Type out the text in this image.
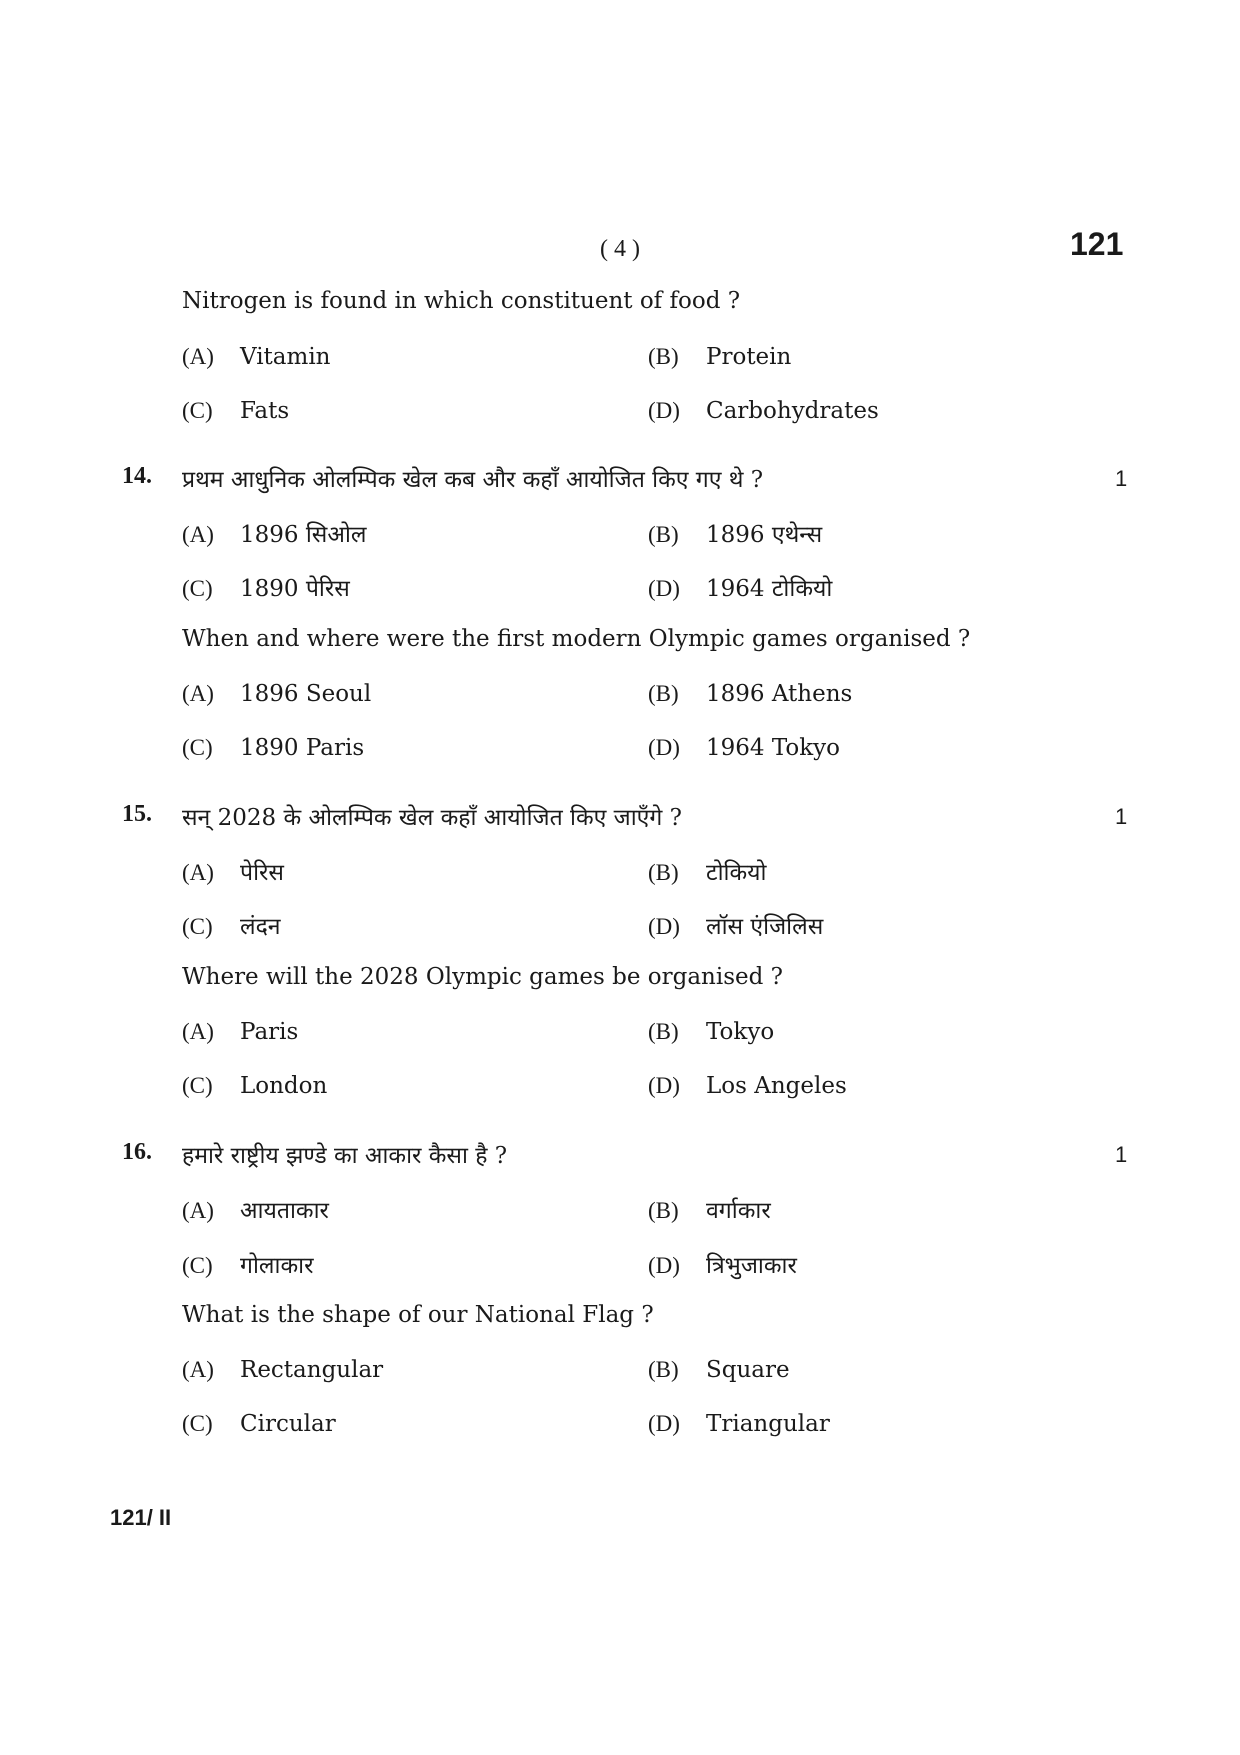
( 4 )	121
Nitrogen is found in which constituent of food ?
(A) Vitamin	(B) Protein
(C) Fats	(D) Carbohydrates
14. प्रथम आधुनिक ओलम्पिक खेल कब और कहाँ आयोजित किए गए थे ?	1
(A) 1896 सिओल	(B) 1896 एथेन्स
(C) 1890 पेरिस	(D) 1964 टोकियो
When and where were the first modern Olympic games organised ?
(A) 1896 Seoul	(B) 1896 Athens
(C) 1890 Paris	(D) 1964 Tokyo
15. सन् 2028 के ओलम्पिक खेल कहाँ आयोजित किए जाएँगे ?	1
(A) पेरिस	(B) टोकियो
(C) लंदन	(D) लॉस एंजिलिस
Where will the 2028 Olympic games be organised ?
(A) Paris	(B) Tokyo
(C) London	(D) Los Angeles
16. हमारे राष्ट्रीय झण्डे का आकार कैसा है ?	1
(A) आयताकार	(B) वर्गाकार
(C) गोलाकार	(D) त्रिभुजाकार
What is the shape of our National Flag ?
(A) Rectangular	(B) Square
(C) Circular	(D) Triangular
121/ II
